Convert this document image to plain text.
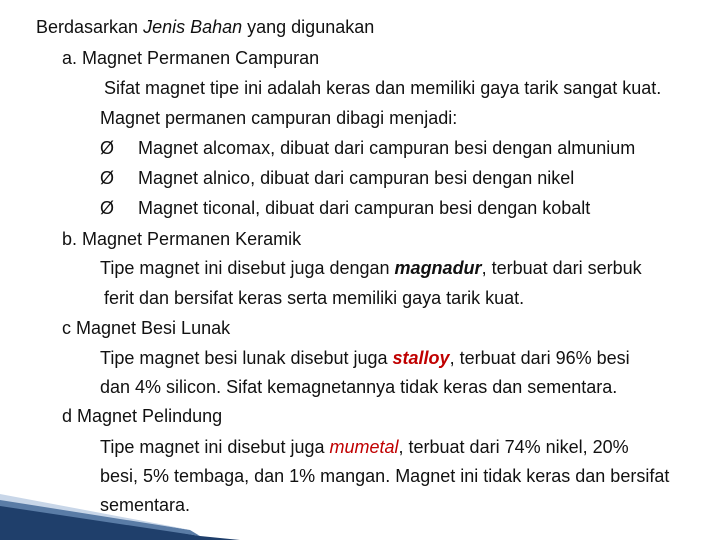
Berdasarkan Jenis Bahan yang digunakan
a. Magnet Permanen Campuran
Sifat magnet tipe ini adalah keras dan memiliki gaya tarik sangat kuat.
Magnet permanen campuran dibagi menjadi:
Ø Magnet alcomax, dibuat dari campuran besi dengan almunium
Ø Magnet alnico, dibuat dari campuran besi dengan nikel
Ø Magnet ticonal, dibuat dari campuran besi dengan kobalt
b. Magnet Permanen Keramik
Tipe magnet ini disebut juga dengan magnadur, terbuat dari serbuk
ferit dan bersifat keras serta memiliki gaya tarik kuat.
c Magnet Besi Lunak
Tipe magnet besi lunak disebut juga stalloy, terbuat dari 96% besi
dan 4% silicon. Sifat kemagnetannya tidak keras dan sementara.
d Magnet Pelindung
Tipe magnet ini disebut juga mumetal, terbuat dari 74% nikel, 20%
besi, 5% tembaga, dan 1% mangan. Magnet ini tidak keras dan bersifat
sementara.
